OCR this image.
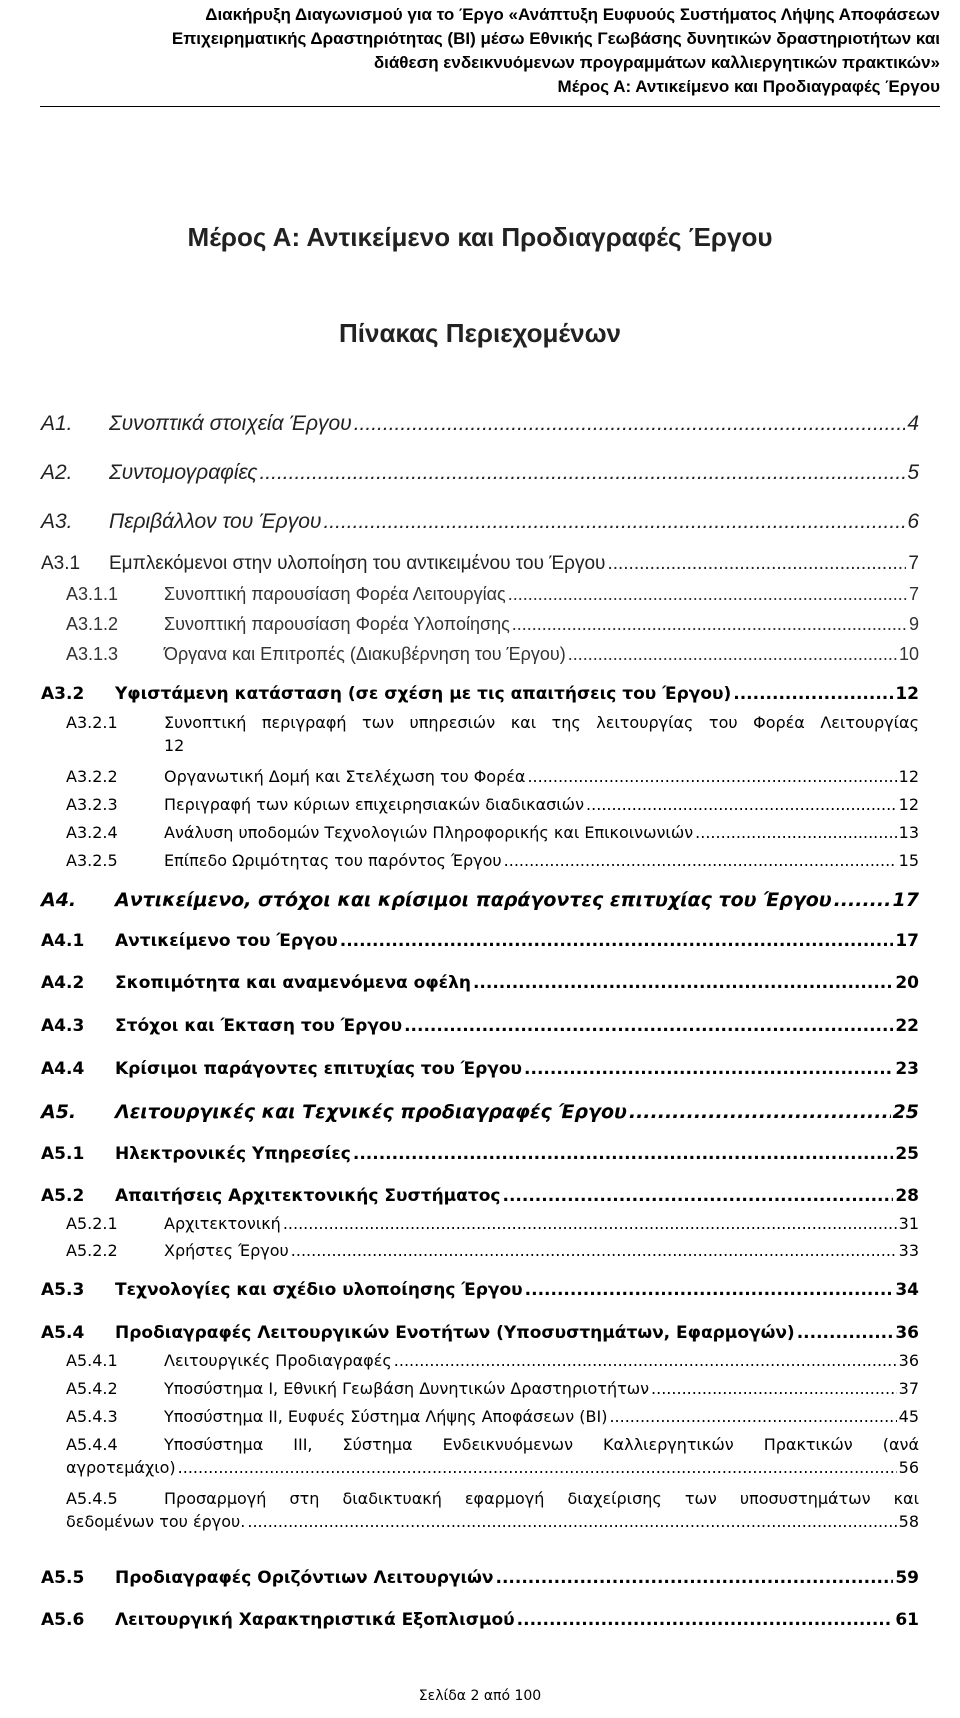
Διακήρυξη Διαγωνισμού για το Έργο «Ανάπτυξη Ευφυούς Συστήματος Λήψης Αποφάσεων
Επιχειρηματικής Δραστηριότητας (BI) μέσω Εθνικής Γεωβάσης δυνητικών δραστηριοτήτων και
διάθεση ενδεικνυόμενων προγραμμάτων καλλιεργητικών πρακτικών»
Μέρος Α: Αντικείμενο και Προδιαγραφές Έργου
Μέρος Α: Αντικείμενο και Προδιαγραφές Έργου
Πίνακας Περιεχομένων
Α1.	Συνοπτικά στοιχεία Έργου .....	4
Α2.	Συντομογραφίες .....	5
Α3.	Περιβάλλον του Έργου .....	6
Α3.1	Εμπλεκόμενοι στην υλοποίηση του αντικειμένου του Έργου .....	7
Α3.1.1	Συνοπτική παρουσίαση Φορέα Λειτουργίας .....	7
Α3.1.2	Συνοπτική παρουσίαση Φορέα Υλοποίησης .....	9
Α3.1.3	Όργανα και Επιτροπές (Διακυβέρνηση του Έργου) .....	10
Α3.2	Υφιστάμενη κατάσταση (σε σχέση με τις απαιτήσεις του Έργου) .....	12
Α3.2.1	Συνοπτική περιγραφή των υπηρεσιών και της λειτουργίας του Φορέα Λειτουργίας
12
Α3.2.2	Οργανωτική Δομή και Στελέχωση του Φορέα .....	12
Α3.2.3	Περιγραφή των κύριων επιχειρησιακών διαδικασιών .....	12
Α3.2.4	Ανάλυση υποδομών Τεχνολογιών Πληροφορικής και Επικοινωνιών .....	13
Α3.2.5	Επίπεδο Ωριμότητας του παρόντος Έργου .....	15
Α4.	Αντικείμενο, στόχοι και κρίσιμοι παράγοντες επιτυχίας του Έργου .....	17
Α4.1	Αντικείμενο του Έργου .....	17
Α4.2	Σκοπιμότητα και αναμενόμενα οφέλη .....	20
Α4.3	Στόχοι και Έκταση του Έργου .....	22
Α4.4	Κρίσιμοι παράγοντες επιτυχίας του Έργου .....	23
Α5.	Λειτουργικές και Τεχνικές προδιαγραφές Έργου .....	25
Α5.1	Ηλεκτρονικές Υπηρεσίες .....	25
Α5.2	Απαιτήσεις Αρχιτεκτονικής Συστήματος .....	28
Α5.2.1	Αρχιτεκτονική .....	31
Α5.2.2	Χρήστες Έργου .....	33
Α5.3	Τεχνολογίες και σχέδιο υλοποίησης Έργου .....	34
Α5.4	Προδιαγραφές Λειτουργικών Ενοτήτων (Υποσυστημάτων, Εφαρμογών) .....	36
Α5.4.1	Λειτουργικές Προδιαγραφές .....	36
Α5.4.2	Υποσύστημα Ι, Εθνική Γεωβάση Δυνητικών Δραστηριοτήτων .....	37
Α5.4.3	Υποσύστημα ΙΙ, Ευφυές Σύστημα Λήψης Αποφάσεων (BI) .....	45
Α5.4.4	Υποσύστημα ΙΙΙ, Σύστημα Ενδεικνυόμενων Καλλιεργητικών Πρακτικών (ανά
αγροτεμάχιο) .....	56
Α5.4.5	Προσαρμογή στη διαδικτυακή εφαρμογή διαχείρισης των υποσυστημάτων και
δεδομένων του έργου. .....	58
Α5.5	Προδιαγραφές Οριζόντιων Λειτουργιών .....	59
Α5.6	Λειτουργική Χαρακτηριστικά Εξοπλισμού .....	61
Σελίδα 2 από 100
